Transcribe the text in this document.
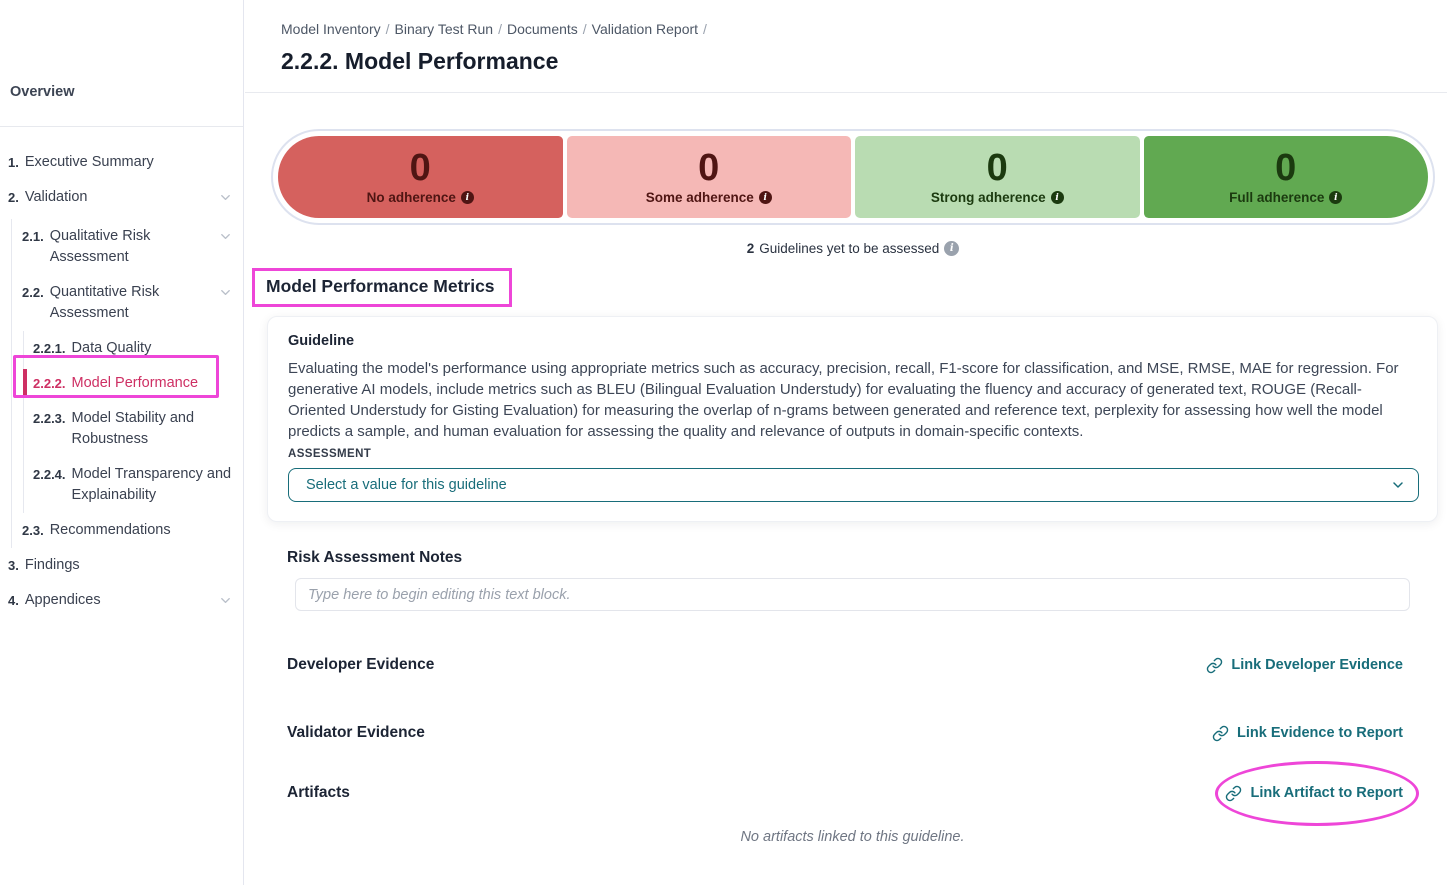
Overview
1. Executive Summary
2. Validation
2.1. Qualitative Risk Assessment
2.2. Quantitative Risk Assessment
2.2.1. Data Quality
2.2.2. Model Performance
2.2.3. Model Stability and Robustness
2.2.4. Model Transparency and Explainability
2.3. Recommendations
3. Findings
4. Appendices
Model Inventory / Binary Test Run / Documents / Validation Report /
2.2.2. Model Performance
0
No adherence	i
0
Some adherence	i
0
Strong adherence	i
0
Full adherence	i
2 Guidelines yet to be assessed	i
Model Performance Metrics
Guideline
Evaluating the model's performance using appropriate metrics such as accuracy, precision, recall, F1-score for classification, and MSE, RMSE, MAE for regression. For generative AI models, include metrics such as BLEU (Bilingual Evaluation Understudy) for evaluating the fluency and accuracy of generated text, ROUGE (Recall-Oriented Understudy for Gisting Evaluation) for measuring the overlap of n-grams between generated and reference text, perplexity for assessing how well the model predicts a sample, and human evaluation for assessing the quality and relevance of outputs in domain-specific contexts.
ASSESSMENT
Select a value for this guideline
Risk Assessment Notes
Type here to begin editing this text block.
Developer Evidence	Link Developer Evidence
Validator Evidence	Link Evidence to Report
Artifacts	Link Artifact to Report
No artifacts linked to this guideline.
